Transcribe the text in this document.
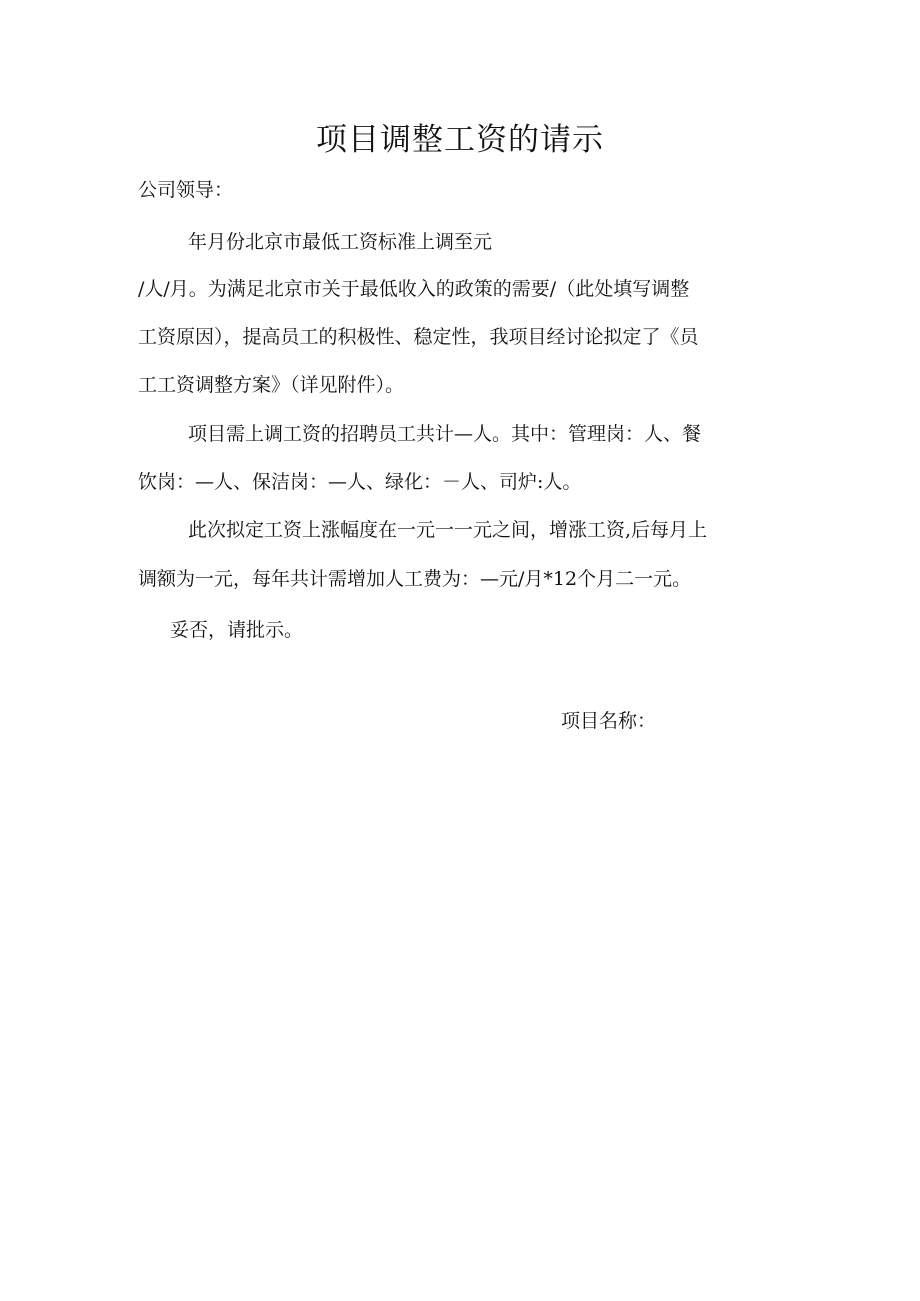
项目调整工资的请示
公司领导：
年月份北京市最低工资标准上调至元
/人/月。为满足北京市关于最低收入的政策的需要/（此处填写调整
工资原因），提高员工的积极性、稳定性，我项目经讨论拟定了《员
工工资调整方案》（详见附件）。
项目需上调工资的招聘员工共计—人。其中：管理岗：人、餐
饮岗：—人、保洁岗：—人、绿化：－人、司炉:人。
此次拟定工资上涨幅度在一元一一元之间，增涨工资,后每月上
调额为一元，每年共计需增加人工费为：—元/月*12个月二一元。
妥否，请批示。
项目名称：
